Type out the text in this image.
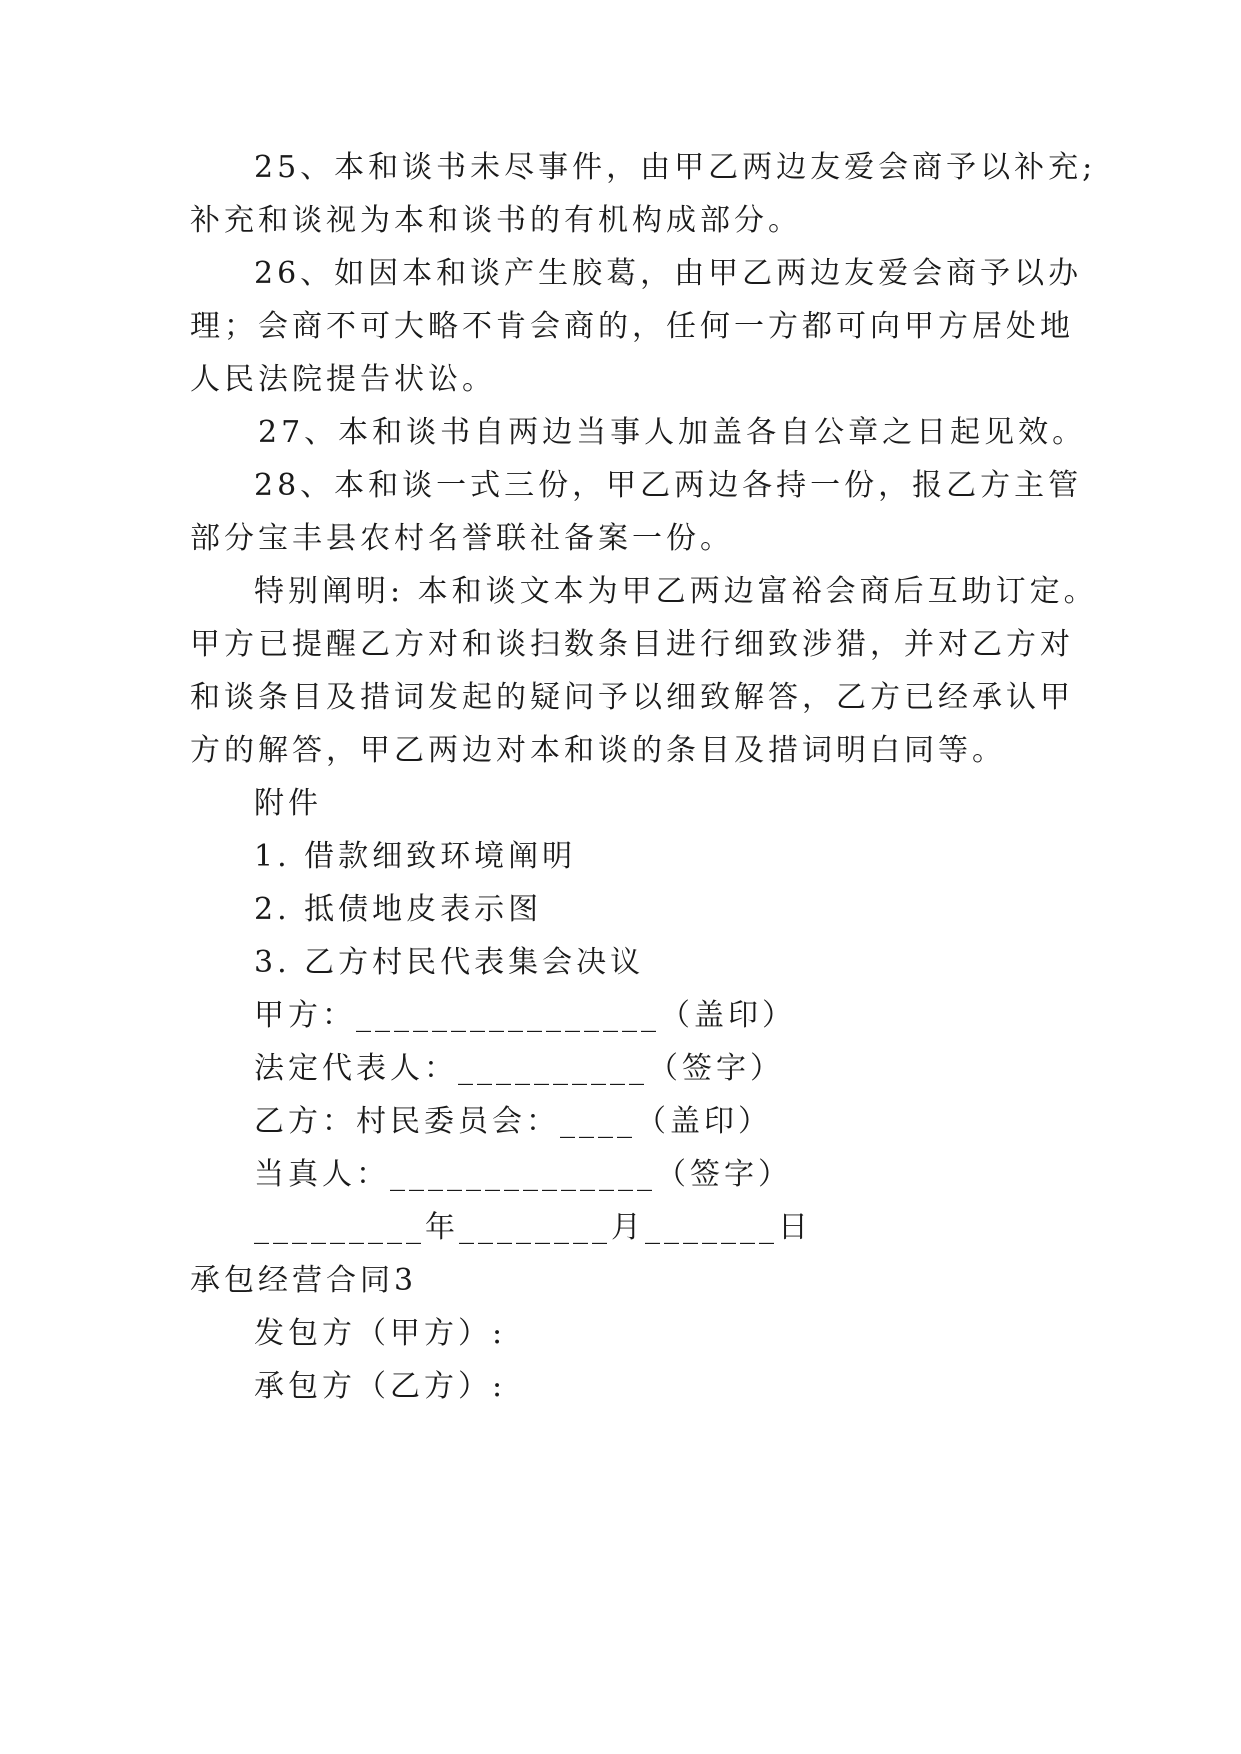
25、本和谈书未尽事件，由甲乙两边友爱会商予以补充;
补充和谈视为本和谈书的有机构成部分。
26、如因本和谈产生胶葛，由甲乙两边友爱会商予以办
理；会商不可大略不肯会商的，任何一方都可向甲方居处地
人民法院提告状讼。
27、本和谈书自两边当事人加盖各自公章之日起见效。
28、本和谈一式三份，甲乙两边各持一份，报乙方主管
部分宝丰县农村名誉联社备案一份。
特别阐明: 本和谈文本为甲乙两边富裕会商后互助订定。
甲方已提醒乙方对和谈扫数条目进行细致涉猎，并对乙方对
和谈条目及措词发起的疑问予以细致解答，乙方已经承认甲
方的解答，甲乙两边对本和谈的条目及措词明白同等。
附件
1. 借款细致环境阐明
2. 抵债地皮表示图
3. 乙方村民代表集会决议
甲方：________________（盖印）
法定代表人：__________（签字）
乙方：村民委员会：____（盖印）
当真人：______________（签字）
_________年________月_______日
承包经营合同3
发包方（甲方）:
承包方（乙方）:
